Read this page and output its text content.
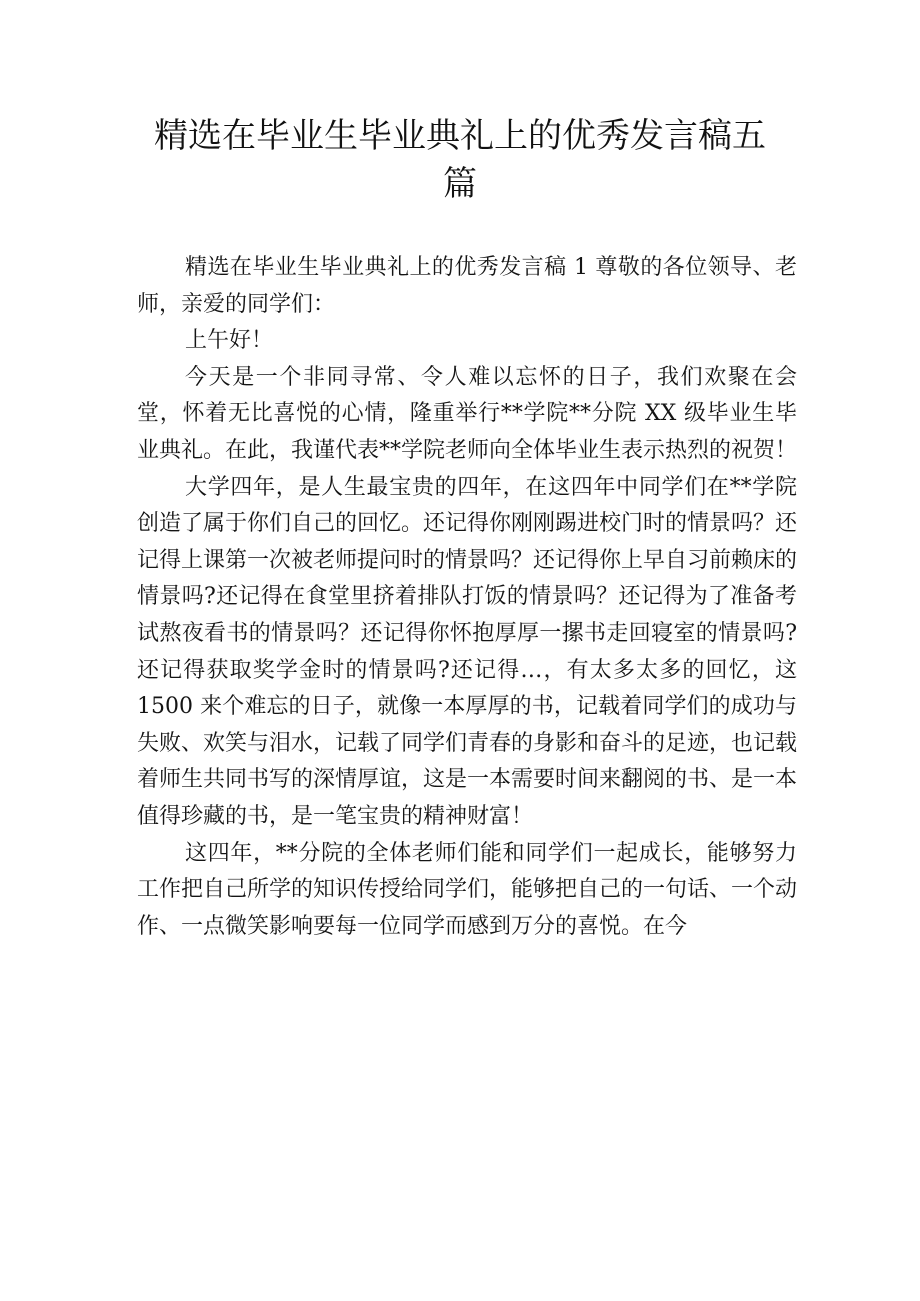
精选在毕业生毕业典礼上的优秀发言稿五
篇

精选在毕业生毕业典礼上的优秀发言稿 1 尊敬的各位领导、老师，亲爱的同学们：

上午好！

今天是一个非同寻常、令人难以忘怀的日子，我们欢聚在会堂，怀着无比喜悦的心情，隆重举行**学院**分院 XX 级毕业生毕业典礼。在此，我谨代表**学院老师向全体毕业生表示热烈的祝贺！

大学四年，是人生最宝贵的四年，在这四年中同学们在**学院创造了属于你们自己的回忆。还记得你刚刚踢进校门时的情景吗？还记得上课第一次被老师提问时的情景吗？还记得你上早自习前赖床的情景吗?还记得在食堂里挤着排队打饭的情景吗？还记得为了准备考试熬夜看书的情景吗？还记得你怀抱厚厚一摞书走回寝室的情景吗?还记得获取奖学金时的情景吗?还记得…，有太多太多的回忆，这 1500 来个难忘的日子，就像一本厚厚的书，记载着同学们的成功与失败、欢笑与泪水，记载了同学们青春的身影和奋斗的足迹，也记载着师生共同书写的深情厚谊，这是一本需要时间来翻阅的书、是一本值得珍藏的书，是一笔宝贵的精神财富！

这四年，**分院的全体老师们能和同学们一起成长，能够努力工作把自己所学的知识传授给同学们，能够把自己的一句话、一个动作、一点微笑影响要每一位同学而感到万分的喜悦。在今
